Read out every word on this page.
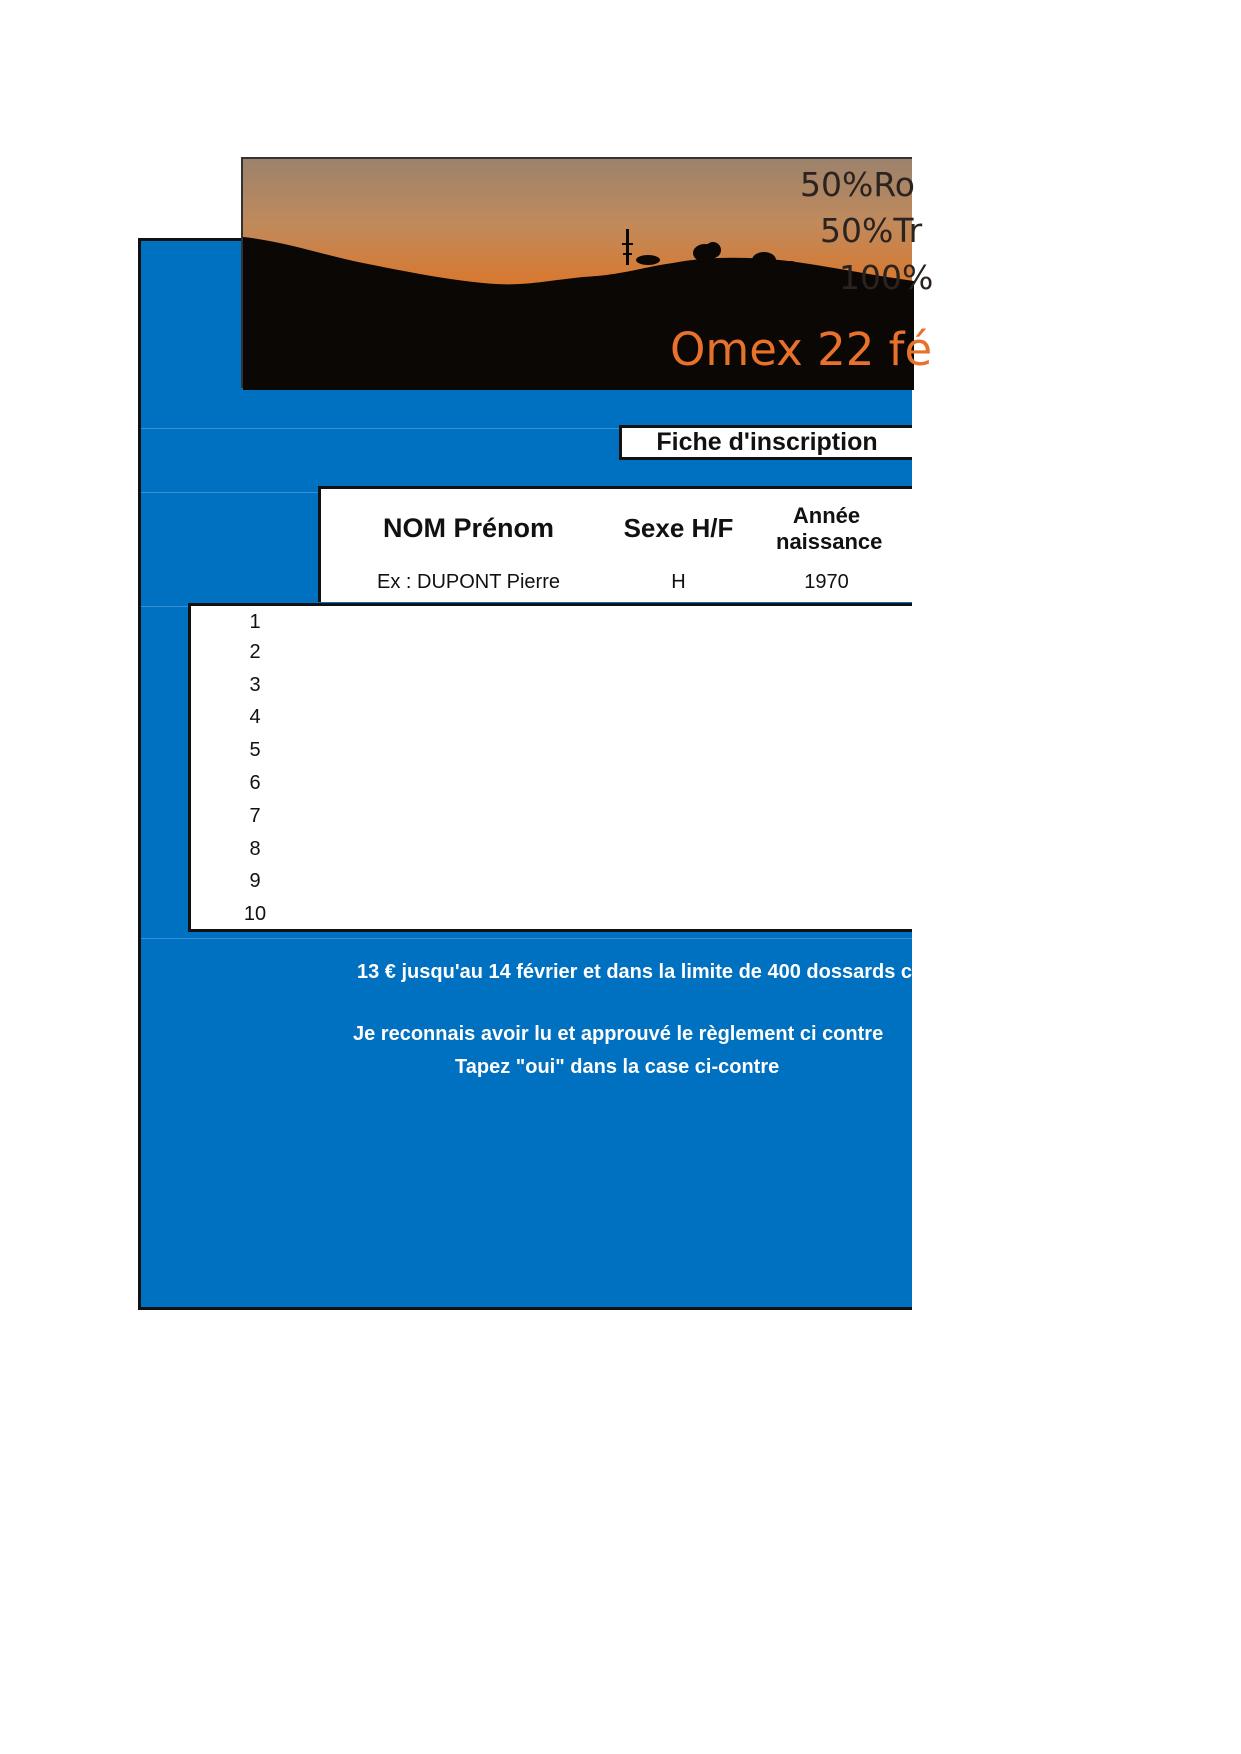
50%Ro
50%Tr
100%
Omex 22 fé
Fiche d'inscription
NOM Prénom	Sexe H/F	Année naissance
Ex : DUPONT Pierre	H	1970
1
2
3
4
5
6
7
8
9
10
13 € jusqu'au 14 février et dans la limite de 400 dossards c
Je reconnais avoir lu et approuvé le règlement ci contre
Tapez "oui" dans la case ci-contre
